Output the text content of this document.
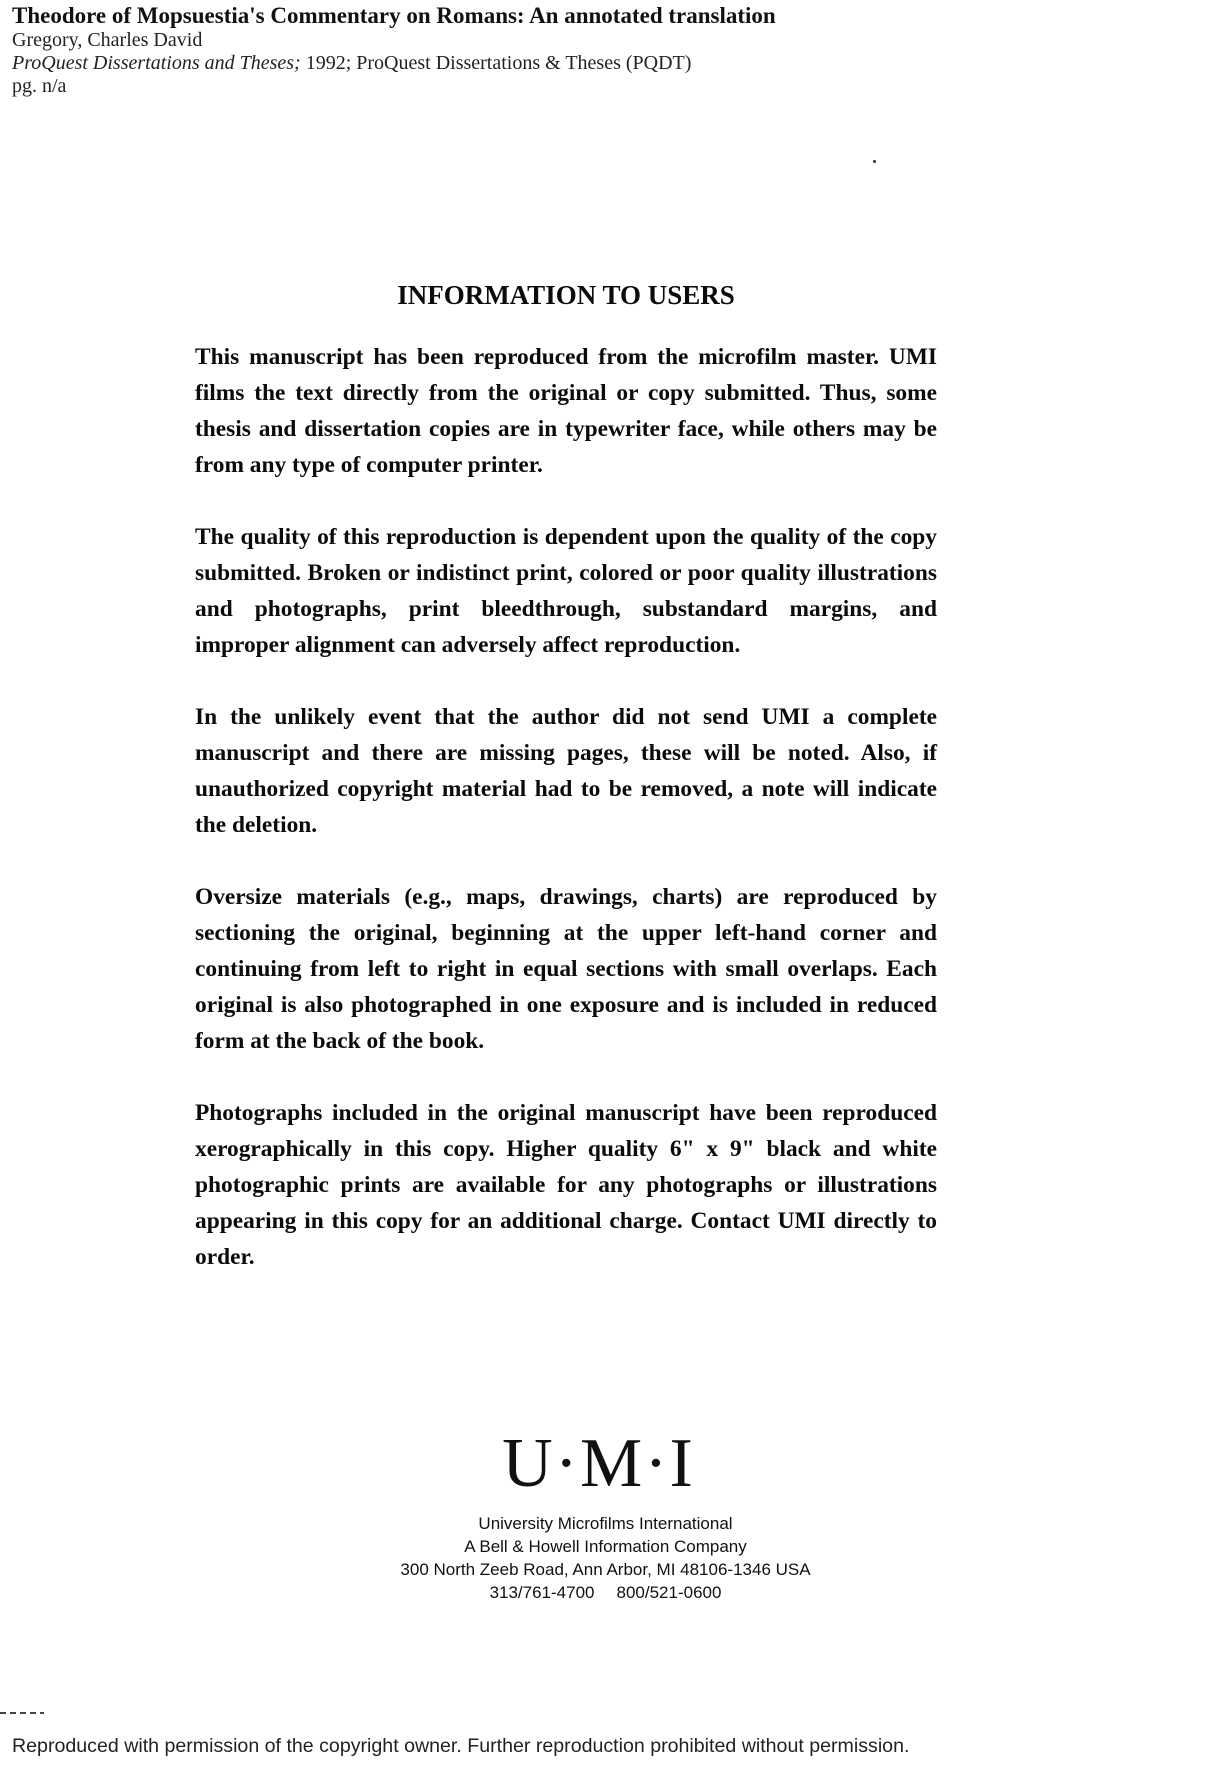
Theodore of Mopsuestia's Commentary on Romans: An annotated translation
Gregory, Charles David
ProQuest Dissertations and Theses; 1992; ProQuest Dissertations & Theses (PQDT)
pg. n/a
INFORMATION TO USERS

This manuscript has been reproduced from the microfilm master. UMI films the text directly from the original or copy submitted. Thus, some thesis and dissertation copies are in typewriter face, while others may be from any type of computer printer.

The quality of this reproduction is dependent upon the quality of the copy submitted. Broken or indistinct print, colored or poor quality illustrations and photographs, print bleedthrough, substandard margins, and improper alignment can adversely affect reproduction.

In the unlikely event that the author did not send UMI a complete manuscript and there are missing pages, these will be noted. Also, if unauthorized copyright material had to be removed, a note will indicate the deletion.

Oversize materials (e.g., maps, drawings, charts) are reproduced by sectioning the original, beginning at the upper left-hand corner and continuing from left to right in equal sections with small overlaps. Each original is also photographed in one exposure and is included in reduced form at the back of the book.

Photographs included in the original manuscript have been reproduced xerographically in this copy. Higher quality 6" x 9" black and white photographic prints are available for any photographs or illustrations appearing in this copy for an additional charge. Contact UMI directly to order.

U·M·I
University Microfilms International
A Bell & Howell Information Company
300 North Zeeb Road, Ann Arbor, MI 48106-1346 USA
313/761-4700 800/521-0600
Reproduced with permission of the copyright owner. Further reproduction prohibited without permission.
